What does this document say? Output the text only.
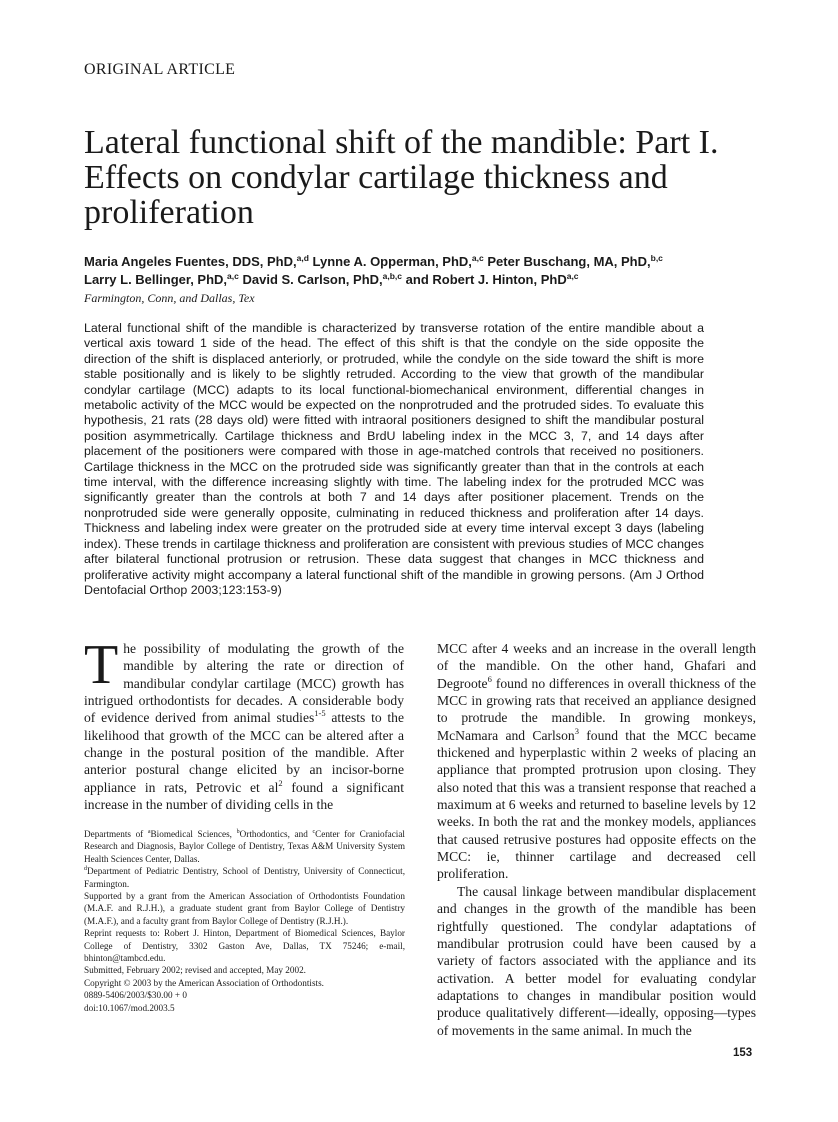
ORIGINAL ARTICLE
Lateral functional shift of the mandible: Part I. Effects on condylar cartilage thickness and proliferation
Maria Angeles Fuentes, DDS, PhD,$^{a,d}$ Lynne A. Opperman, PhD,$^{a,c}$ Peter Buschang, MA, PhD,$^{b,c}$
Larry L. Bellinger, PhD,$^{a,c}$ David S. Carlson, PhD,$^{a,b,c}$ and Robert J. Hinton, PhD$^{a,c}$
Farmington, Conn, and Dallas, Tex

Lateral functional shift of the mandible is characterized by transverse rotation of the entire mandible about a vertical axis toward 1 side of the head. The effect of this shift is that the condyle on the side opposite the direction of the shift is displaced anteriorly, or protruded, while the condyle on the side toward the shift is more stable positionally and is likely to be slightly retruded. According to the view that growth of the mandibular condylar cartilage (MCC) adapts to its local functional-biomechanical environment, differential changes in metabolic activity of the MCC would be expected on the nonprotruded and the protruded sides. To evaluate this hypothesis, 21 rats (28 days old) were fitted with intraoral positioners designed to shift the mandibular postural position asymmetrically. Cartilage thickness and BrdU labeling index in the MCC 3, 7, and 14 days after placement of the positioners were compared with those in age-matched controls that received no positioners. Cartilage thickness in the MCC on the protruded side was significantly greater than that in the controls at each time interval, with the difference increasing slightly with time. The labeling index for the protruded MCC was significantly greater than the controls at both 7 and 14 days after positioner placement. Trends on the nonprotruded side were generally opposite, culminating in reduced thickness and proliferation after 14 days. Thickness and labeling index were greater on the protruded side at every time interval except 3 days (labeling index). These trends in cartilage thickness and proliferation are consistent with previous studies of MCC changes after bilateral functional protrusion or retrusion. These data suggest that changes in MCC thickness and proliferative activity might accompany a lateral functional shift of the mandible in growing persons. (Am J Orthod Dentofacial Orthop 2003;123:153-9)

The possibility of modulating the growth of the mandible by altering the rate or direction of mandibular condylar cartilage (MCC) growth has intrigued orthodontists for decades. A considerable body of evidence derived from animal studies$^{1-5}$ attests to the likelihood that growth of the MCC can be altered after a change in the postural position of the mandible. After anterior postural change elicited by an incisor-borne appliance in rats, Petrovic et $al^2$ found a significant increase in the number of dividing cells in the

Departments of $^a$Biomedical Sciences, $^b$Orthodontics, and $^c$Center for Craniofacial Research and Diagnosis, Baylor College of Dentistry, Texas A&M University System Health Sciences Center, Dallas.

$^d$Department of Pediatric Dentistry, School of Dentistry, University of Connecticut, Farmington.

Supported by a grant from the American Association of Orthodontists Foundation (M.A.F. and R.J.H.), a graduate student grant from Baylor College of Dentistry (M.A.F.), and a faculty grant from Baylor College of Dentistry (R.J.H.).

Reprint requests to: Robert J. Hinton, Department of Biomedical Sciences, Baylor College of Dentistry, 3302 Gaston Ave, Dallas, TX 75246; e-mail, bhinton@tambcd.edu.

Submitted, February 2002; revised and accepted, May 2002.

Copyright © 2003 by the American Association of Orthodontists.

0889-5406/2003/$30.00 + 0

doi:10.1067/mod.2003.5

MCC after 4 weeks and an increase in the overall length of the mandible. On the other hand, Ghafari and Degroote$^6$ found no differences in overall thickness of the MCC in growing rats that received an appliance designed to protrude the mandible. In growing monkeys, McNamara and Carlson$^3$ found that the MCC became thickened and hyperplastic within 2 weeks of placing an appliance that prompted protrusion upon closing. They also noted that this was a transient response that reached a maximum at 6 weeks and returned to baseline levels by 12 weeks. In both the rat and the monkey models, appliances that caused retrusive postures had opposite effects on the MCC: ie, thinner cartilage and decreased cell proliferation.

The causal linkage between mandibular displacement and changes in the growth of the mandible has been rightfully questioned. The condylar adaptations of mandibular protrusion could have been caused by a variety of factors associated with the appliance and its activation. A better model for evaluating condylar adaptations to changes in mandibular position would produce qualitatively different—ideally, opposing—types of movements in the same animal. In much the

153
